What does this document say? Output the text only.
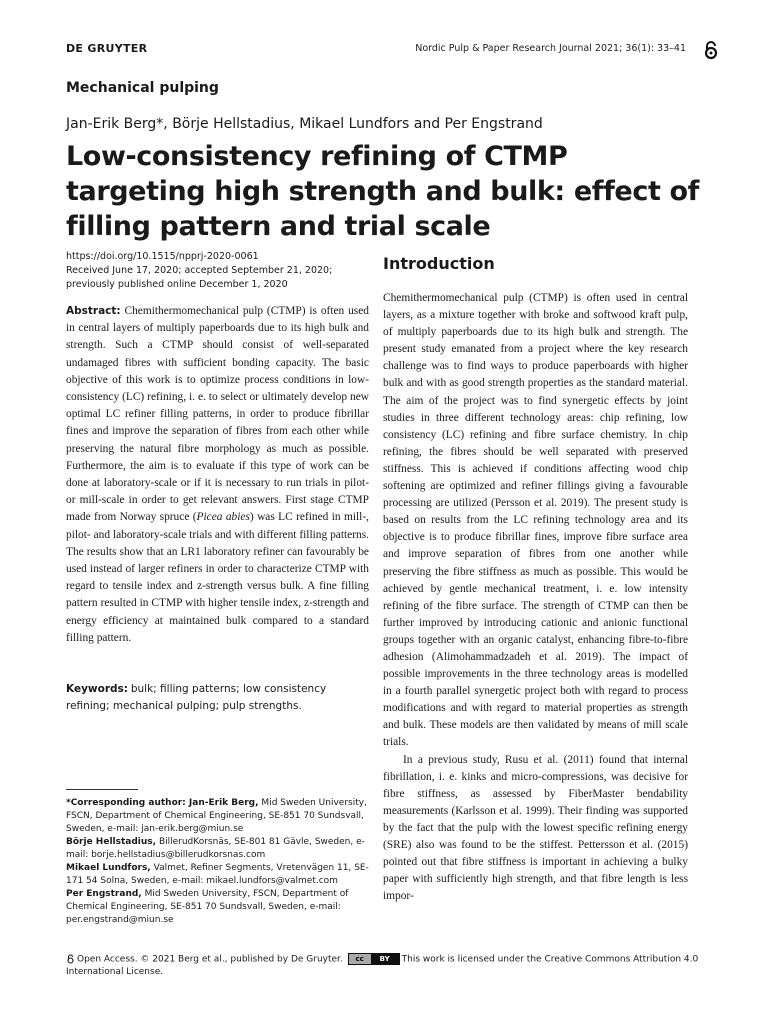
DE GRUYTER	Nordic Pulp & Paper Research Journal 2021; 36(1): 33–41
Mechanical pulping
Jan-Erik Berg*, Börje Hellstadius, Mikael Lundfors and Per Engstrand
Low-consistency refining of CTMP targeting high strength and bulk: effect of filling pattern and trial scale
https://doi.org/10.1515/npprj-2020-0061
Received June 17, 2020; accepted September 21, 2020; previously published online December 1, 2020

Abstract: Chemithermomechanical pulp (CTMP) is often used in central layers of multiply paperboards due to its high bulk and strength. Such a CTMP should consist of well-separated undamaged fibres with sufficient bonding capacity. The basic objective of this work is to optimize process conditions in low-consistency (LC) refining, i. e. to select or ultimately develop new optimal LC refiner filling patterns, in order to produce fibrillar fines and improve the separation of fibres from each other while preserving the natural fibre morphology as much as possible. Furthermore, the aim is to evaluate if this type of work can be done at laboratory-scale or if it is necessary to run trials in pilot- or mill-scale in order to get relevant answers. First stage CTMP made from Norway spruce (Picea abies) was LC refined in mill-, pilot- and laboratory-scale trials and with different filling patterns. The results show that an LR1 laboratory refiner can favourably be used instead of larger refiners in order to characterize CTMP with regard to tensile index and z-strength versus bulk. A fine filling pattern resulted in CTMP with higher tensile index, z-strength and energy efficiency at maintained bulk compared to a standard filling pattern.

Keywords: bulk; filling patterns; low consistency refining; mechanical pulping; pulp strengths.

*Corresponding author: Jan-Erik Berg, Mid Sweden University, FSCN, Department of Chemical Engineering, SE-851 70 Sundsvall, Sweden, e-mail: jan-erik.berg@miun.se

Börje Hellstadius, BillerudKorsnäs, SE-801 81 Gävle, Sweden, e-mail: borje.hellstadius@billerudkorsnas.com

Mikael Lundfors, Valmet, Refiner Segments, Vretenvägen 11, SE-171 54 Solna, Sweden, e-mail: mikael.lundfors@valmet.com

Per Engstrand, Mid Sweden University, FSCN, Department of Chemical Engineering, SE-851 70 Sundsvall, Sweden, e-mail: per.engstrand@miun.se

Introduction

Chemithermomechanical pulp (CTMP) is often used in central layers, as a mixture together with broke and softwood kraft pulp, of multiply paperboards due to its high bulk and strength. The present study emanated from a project where the key research challenge was to find ways to produce paperboards with higher bulk and with as good strength properties as the standard material. The aim of the project was to find synergetic effects by joint studies in three different technology areas: chip refining, low consistency (LC) refining and fibre surface chemistry. In chip refining, the fibres should be well separated with preserved stiffness. This is achieved if conditions affecting wood chip softening are optimized and refiner fillings giving a favourable processing are utilized (Persson et al. 2019). The present study is based on results from the LC refining technology area and its objective is to produce fibrillar fines, improve fibre surface area and improve separation of fibres from one another while preserving the fibre stiffness as much as possible. This would be achieved by gentle mechanical treatment, i. e. low intensity refining of the fibre surface. The strength of CTMP can then be further improved by introducing cationic and anionic functional groups together with an organic catalyst, enhancing fibre-to-fibre adhesion (Alimohammadzadeh et al. 2019). The impact of possible improvements in the three technology areas is modelled in a fourth parallel synergetic project both with regard to process modifications and with regard to material properties as strength and bulk. These models are then validated by means of mill scale trials.

In a previous study, Rusu et al. (2011) found that internal fibrillation, i. e. kinks and micro-compressions, was decisive for fibre stiffness, as assessed by FiberMaster bendability measurements (Karlsson et al. 1999). Their finding was supported by the fact that the pulp with the lowest specific refining energy (SRE) also was found to be the stiffest. Pettersson et al. (2015) pointed out that fibre stiffness is important in achieving a bulky paper with sufficiently high strength, and that fibre length is less impor-

Open Access. © 2021 Berg et al., published by De Gruyter.	cc	BY	This work is licensed under the Creative Commons Attribution 4.0 International License.
